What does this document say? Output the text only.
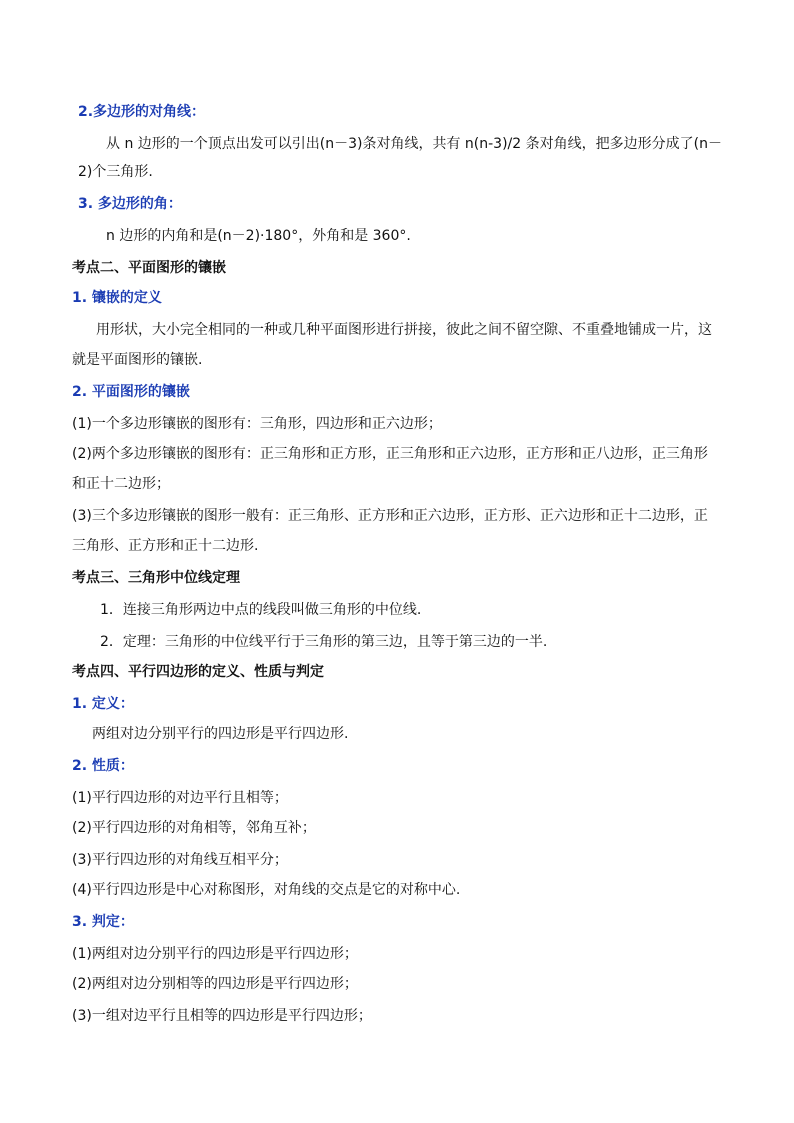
2.多边形的对角线：
从 n 边形的一个顶点出发可以引出(n－3)条对角线，共有 n(n-3)/2 条对角线，把多边形分成了(n－
2)个三角形.
3. 多边形的角：
n 边形的内角和是(n－2)·180°，外角和是 360°.
考点二、平面图形的镶嵌
1. 镶嵌的定义
用形状，大小完全相同的一种或几种平面图形进行拼接，彼此之间不留空隙、不重叠地铺成一片，这
就是平面图形的镶嵌.
2. 平面图形的镶嵌
(1)一个多边形镶嵌的图形有：三角形，四边形和正六边形；
(2)两个多边形镶嵌的图形有：正三角形和正方形，正三角形和正六边形，正方形和正八边形，正三角形
和正十二边形；
(3)三个多边形镶嵌的图形一般有：正三角形、正方形和正六边形，正方形、正六边形和正十二边形，正
三角形、正方形和正十二边形.
考点三、三角形中位线定理
1．连接三角形两边中点的线段叫做三角形的中位线.
2．定理：三角形的中位线平行于三角形的第三边，且等于第三边的一半.
考点四、平行四边形的定义、性质与判定
1. 定义：
两组对边分别平行的四边形是平行四边形.
2. 性质：
(1)平行四边形的对边平行且相等；
(2)平行四边形的对角相等，邻角互补；
(3)平行四边形的对角线互相平分；
(4)平行四边形是中心对称图形，对角线的交点是它的对称中心.
3. 判定：
(1)两组对边分别平行的四边形是平行四边形；
(2)两组对边分别相等的四边形是平行四边形；
(3)一组对边平行且相等的四边形是平行四边形；
